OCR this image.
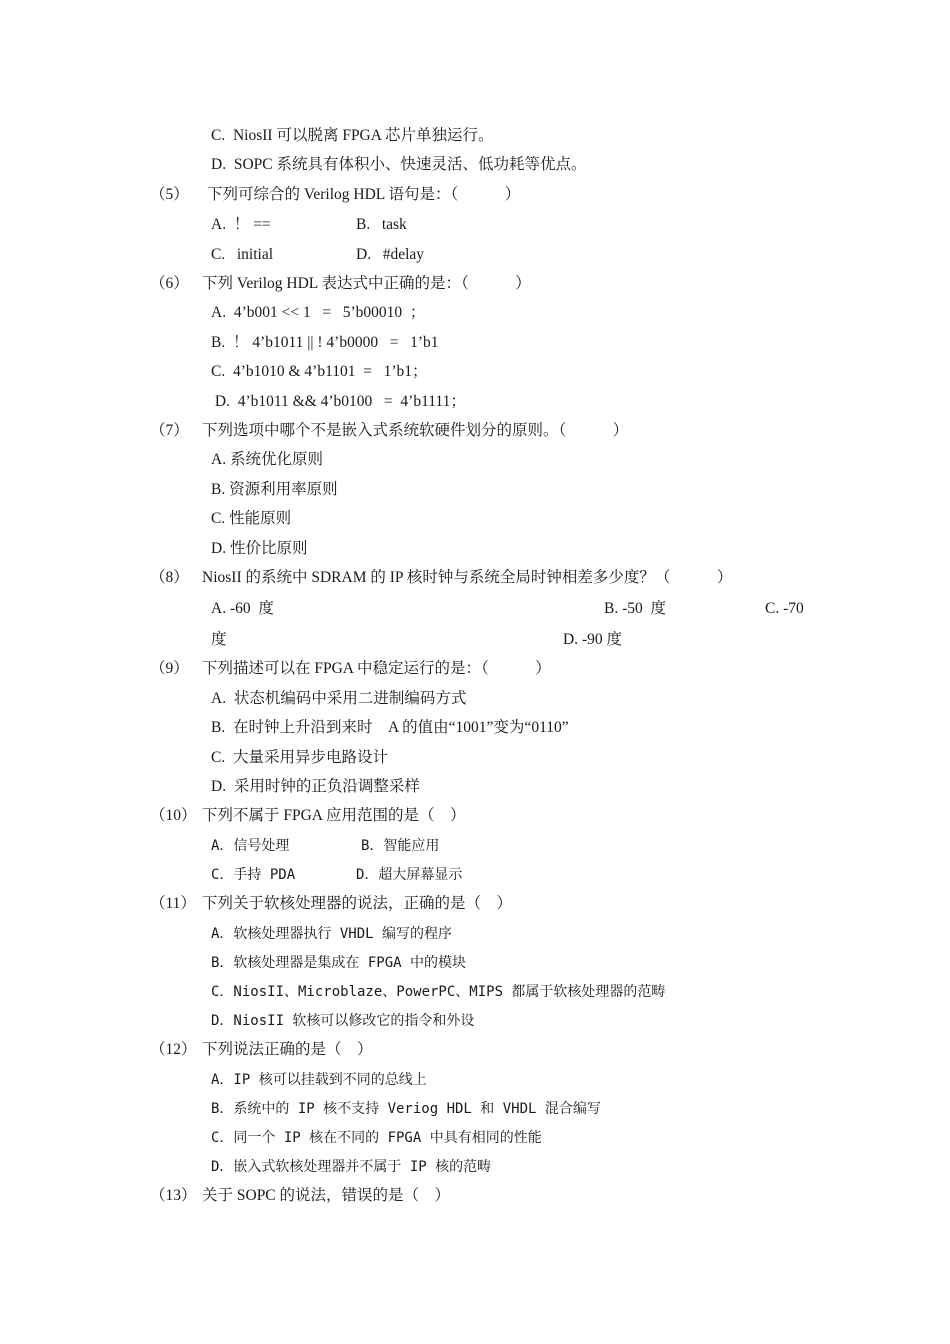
C.  NiosII 可以脱离 FPGA 芯片单独运行。
D.  SOPC 系统具有体积小、快速灵活、低功耗等优点。
（5） 下列可综合的 Verilog HDL 语句是：（            ）
A.  ！ ==	B.   task
C.   initial	D.   #delay
（6） 下列 Verilog HDL 表达式中正确的是：（            ）
A.  4’b001 << 1   =   5’b00010  ；
B.  ！ 4’b1011 || ! 4’b0000   =   1’b1
C.  4’b1010 & 4’b1101  =   1’b1；
D.  4’b1011 && 4’b0100   =  4’b1111；
（7） 下列选项中哪个不是嵌入式系统软硬件划分的原则。（            ）
A. 系统优化原则
B. 资源利用率原则
C. 性能原则
D. 性价比原则
（8） NiosII 的系统中 SDRAM 的 IP 核时钟与系统全局时钟相差多少度？（            ）
A. -60  度	B. -50  度	C. -70
度	D. -90 度
（9） 下列描述可以在 FPGA 中稳定运行的是：（            ）
A.  状态机编码中采用二进制编码方式
B.  在时钟上升沿到来时    A 的值由“1001”变为“0110”
C.  大量采用异步电路设计
D.  采用时钟的正负沿调整采样
（10） 下列不属于 FPGA 应用范围的是（    ）
A．信号处理	B．智能应用
C．手持 PDA	D．超大屏幕显示
（11） 下列关于软核处理器的说法，正确的是（    ）
A．软核处理器执行 VHDL 编写的程序
B．软核处理器是集成在 FPGA 中的模块
C．NiosII、Microblaze、PowerPC、MIPS 都属于软核处理器的范畴
D．NiosII 软核可以修改它的指令和外设
（12） 下列说法正确的是（    ）
A．IP 核可以挂载到不同的总线上
B．系统中的 IP 核不支持 Veriog HDL 和 VHDL 混合编写
C．同一个 IP 核在不同的 FPGA 中具有相同的性能
D．嵌入式软核处理器并不属于 IP 核的范畴
（13） 关于 SOPC 的说法，错误的是（    ）
